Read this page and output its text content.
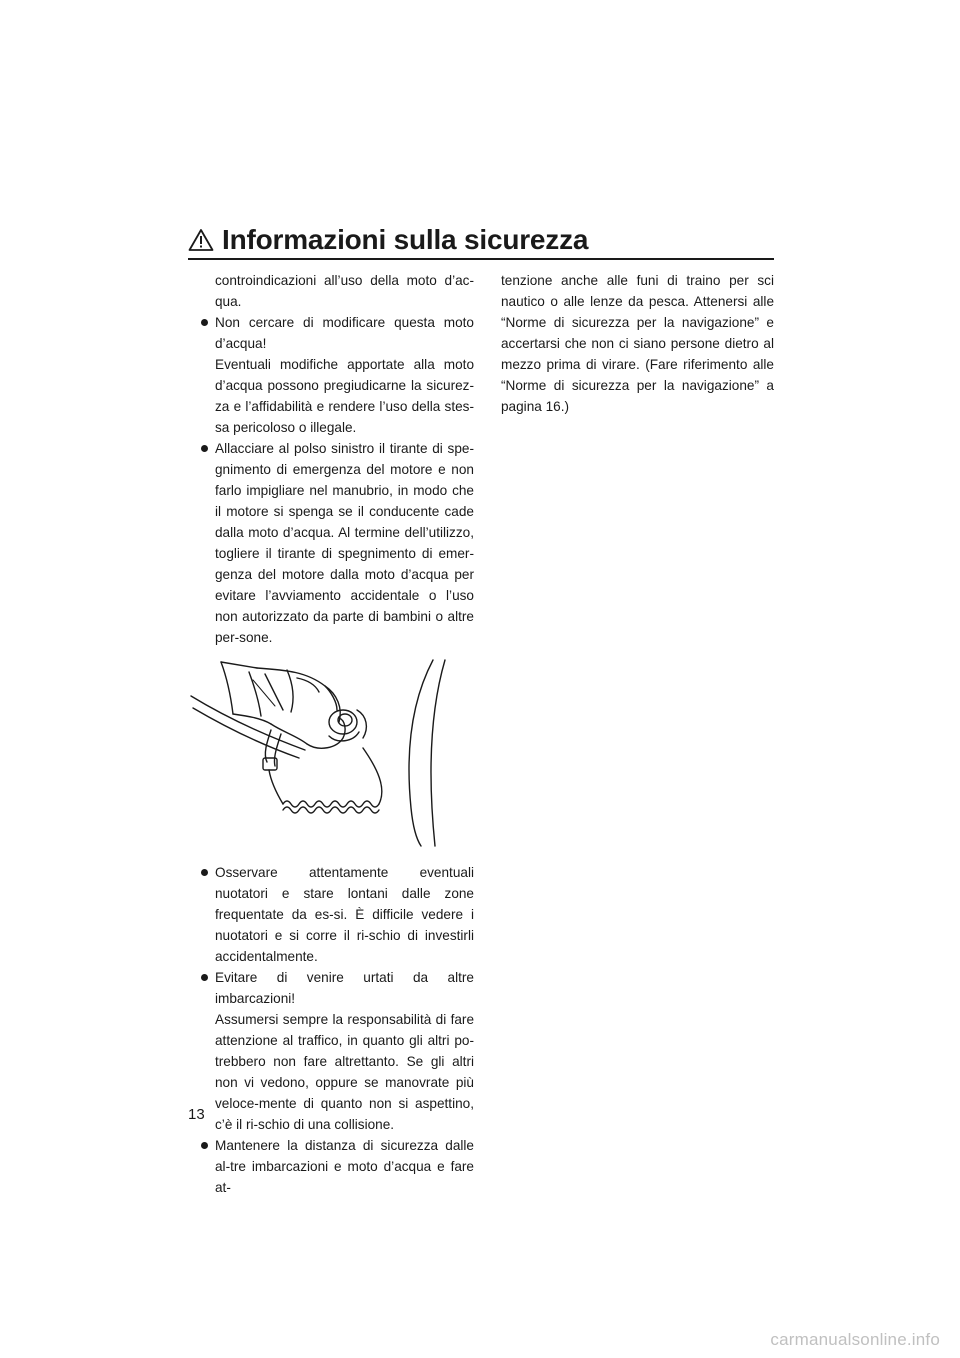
Informazioni sulla sicurezza

controindicazioni all’uso della moto d’ac-qua.

Non cercare di modificare questa moto d’acqua!

Eventuali modifiche apportate alla moto d’acqua possono pregiudicarne la sicurez-za e l’affidabilità e rendere l’uso della stes-sa pericoloso o illegale.

Allacciare al polso sinistro il tirante di spe-gnimento di emergenza del motore e non farlo impigliare nel manubrio, in modo che il motore si spenga se il conducente cade dalla moto d’acqua. Al termine dell’utilizzo, togliere il tirante di spegnimento di emer-genza del motore dalla moto d’acqua per evitare l’avviamento accidentale o l’uso non autorizzato da parte di bambini o altre per-sone.

Osservare attentamente eventuali nuotatori e stare lontani dalle zone frequentate da es-si. È difficile vedere i nuotatori e si corre il ri-schio di investirli accidentalmente.

Evitare di venire urtati da altre imbarcazioni!

Assumersi sempre la responsabilità di fare attenzione al traffico, in quanto gli altri po-trebbero non fare altrettanto. Se gli altri non vi vedono, oppure se manovrate più veloce-mente di quanto non si aspettino, c’è il ri-schio di una collisione.

Mantenere la distanza di sicurezza dalle al-tre imbarcazioni e moto d’acqua e fare at-

tenzione anche alle funi di traino per sci nautico o alle lenze da pesca. Attenersi alle “Norme di sicurezza per la navigazione” e accertarsi che non ci siano persone dietro al mezzo prima di virare. (Fare riferimento alle “Norme di sicurezza per la navigazione” a pagina 16.)

13
carmanualsonline.info
